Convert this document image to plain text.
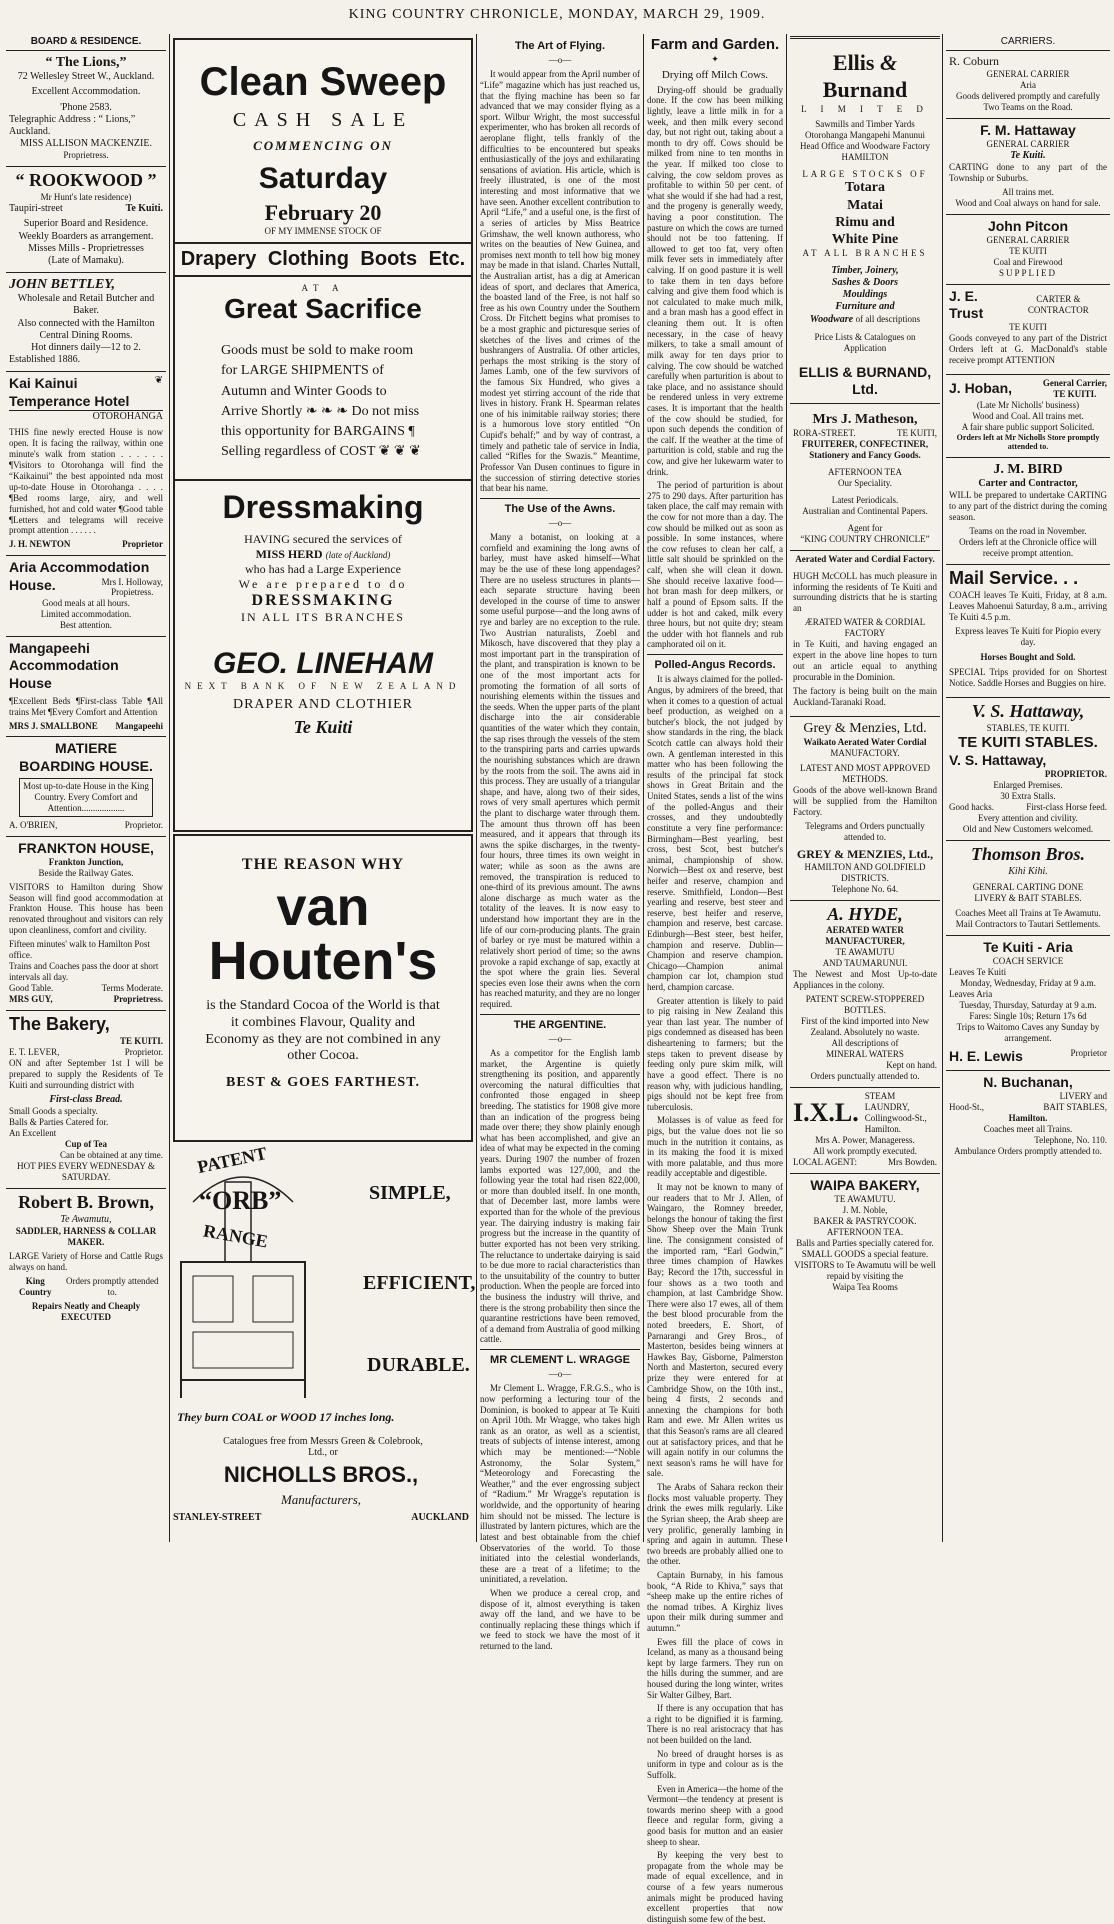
KING COUNTRY CHRONICLE, MONDAY, MARCH 29, 1909.
BOARD & RESIDENCE.
“ The Lions,”
72 Wellesley Street W., Auckland.
Excellent Accommodation.
'Phone 2583.
Telegraphic Address : “ Lions,” Auckland.
MISS ALLISON MACKENZIE.
Proprietress.
“ ROOKWOOD ”
Mr Hunt's late residence)
Taupiri-street	Te Kuiti.
Superior Board and Residence.
Weekly Boarders as arrangement.
Misses Mills - Proprietresses
(Late of Mamaku).
JOHN BETTLEY,
Wholesale and Retail Butcher and Baker.
Also connected with the Hamilton Central Dining Rooms.
Hot dinners daily—12 to 2.
Established 1886.
Kai Kainui	❦
Temperance Hotel
OTOROHANGA

THIS fine newly erected House is now open. It is facing the railway, within one minute's walk from station . . . . . . ¶Visitors to Otorohanga will find the “Kaikainui” the best appointed nda most up-to-date House in Otorohanga . . . . ¶Bed rooms large, airy, and well furnished, hot and cold water ¶Good table ¶Letters and telegrams will receive prompt attention . . . . . .

J. H. NEWTON	Proprietor
Aria Accommodation
House.	Mrs I. Holloway,
Propietress.
Good meals at all hours.
Limited accommodation.
Best attention.
Mangapeehi
Accommodation House

¶Excellent Beds ¶First-class Table ¶All trains Met ¶Every Comfort and Attention

MRS J. SMALLBONE Mangapeehi
MATIERE
BOARDING HOUSE.
Most up-to-date House in the King Country. Every Comfort and Attention...................
A. O'BRIEN,	Proprietor.
FRANKTON HOUSE,
Frankton Junction,
Beside the Railway Gates.

VISITORS to Hamilton during Show Season will find good accommodation at Frankton House. This house has been renovated throughout and visitors can rely upon cleanliness, comfort and civility.

Fifteen minutes' walk to Hamilton Post office.
Trains and Coaches pass the door at short intervals all day.
Good Table.	Terms Moderate.
MRS GUY,	Proprietress.
The Bakery,
TE KUITI.
E. T. LEVER,	Proprietor.

ON and after September 1st I will be prepared to supply the Residents of Te Kuiti and surrounding district with

First-class Bread.
Small Goods a specialty.
Balls & Parties Catered for.
An Excellent
Cup of Tea
Can be obtained at any time.
HOT PIES EVERY WEDNESDAY & SATURDAY.
Robert B. Brown,
Te Awamutu,
SADDLER, HARNESS & COLLAR MAKER.

LARGE Variety of Horse and Cattle Rugs always on hand.

King Country
Orders promptly attended to.
Repairs Neatly and Cheaply
EXECUTED
Clean Sweep
CASH SALE
COMMENCING ON
Saturday
February 20
OF MY IMMENSE STOCK OF
Drapery Clothing Boots Etc.
AT A
Great Sacrifice
Goods must be sold to make room for LARGE SHIPMENTS of Autumn and Winter Goods to Arrive Shortly ❧ ❧ ❧ Do not miss this opportunity for BARGAINS ¶ Selling regardless of COST ❦ ❦ ❦
Dressmaking
HAVING secured the services of
MISS HERD (late of Auckland)
who has had a Large Experience
We are prepared to do
DRESSMAKING
IN ALL ITS BRANCHES
GEO. LINEHAM
NEXT BANK OF NEW ZEALAND
DRAPER AND CLOTHIER
Te Kuiti
THE REASON WHY
van
Houten's
is the Standard Cocoa of the World is that it combines Flavour, Quality and Economy as they are not combined in any other Cocoa.
BEST & GOES FARTHEST.
PATENT
“ORB”
RANGE
SIMPLE,
EFFICIENT,
DURABLE.
They burn COAL or WOOD 17 inches long.
Catalogues free from Messrs Green & Colebrook, Ltd., or
NICHOLLS BROS.,
Manufacturers,
STANLEY-STREET	AUCKLAND
The Art of Flying.
—o—

It would appear from the April number of “Life” magazine which has just reached us, that the flying machine has been so far advanced that we may consider flying as a sport. Wilbur Wright, the most successful experimenter, who has broken all records of aeroplane flight, tells frankly of the difficulties to be encountered but speaks enthusiastically of the joys and exhilarating sensations of aviation. His article, which is freely illustrated, is one of the most interesting and most informative that we have seen. Another excellent contribution to April “Life,” and a useful one, is the first of a series of articles by Miss Beatrice Grimshaw, the well known authoress, who writes on the beauties of New Guinea, and promises next month to tell how big money may be made in that island. Charles Nuttall, the Australian artist, has a dig at American ideas of sport, and declares that America, the boasted land of the Free, is not half so free as his own Country under the Southern Cross. Dr Fitchett begins what promises to be a most graphic and picturesque series of sketches of the lives and crimes of the bushrangers of Australia. Of other articles, perhaps the most striking is the story of James Lamb, one of the few survivors of the famous Six Hundred, who gives a modest yet stirring account of the ride that lives in history. Frank H. Spearman relates one of his inimitable railway stories; there is a humorous love story entitled “On Cupid's behalf;” and by way of contrast, a timely and pathetic tale of service in India, called “Rifles for the Swazis.” Meantime, Professor Van Dusen continues to figure in the succession of stirring detective stories that bear his name.

The Use of the Awns.
—o—

Many a botanist, on looking at a cornfield and examining the long awns of barley, must have asked himself—What may be the use of these long appendages? There are no useless structures in plants—each separate structure having been developed in the course of time to answer some useful purpose—and the long awns of rye and barley are no exception to the rule. Two Austrian naturalists, Zoebl and Mikosch, have discovered that they play a most important part in the transpiration of the plant, and transpiration is known to be one of the most important acts for promoting the formation of all sorts of nourishing elements within the tissues and the seeds. When the upper parts of the plant discharge into the air considerable quantities of the water which they contain, the sap rises through the vessels of the stem to the transpiring parts and carries upwards the nourishing substances which are drawn by the roots from the soil. The awns aid in this process. They are usually of a triangular shape, and have, along two of their sides, rows of very small apertures which permit the plant to discharge water through them. The amount thus thrown off has been measured, and it appears that through its awns the spike discharges, in the twenty-four hours, three times its own weight in water; while as soon as the awns are removed, the transpiration is reduced to one-third of its previous amount. The awns alone discharge as much water as the totality of the leaves. It is now easy to understand how important they are in the life of our corn-producing plants. The grain of barley or rye must be matured within a relatively short period of time; so the awns provoke a rapid exchange of sap, exactly at the spot where the grain lies. Several species even lose their awns when the corn has reached maturity, and they are no longer required.

THE ARGENTINE.
—o—

As a competitor for the English lamb market, the Argentine is quietly strengthening its position, and apparently overcoming the natural difficulties that confronted those engaged in sheep breeding. The statistics for 1908 give more than an indication of the progress being made over there; they show plainly enough what has been accomplished, and give an idea of what may be expected in the coming years. During 1907 the number of frozen lambs exported was 127,000, and the following year the total had risen 822,000, or more than doubled itself. In one month, that of December last, more lambs were exported than for the whole of the previous year. The dairying industry is making fair progress but the increase in the quantity of butter exported has not been very striking. The reluctance to undertake dairying is said to be due more to racial characteristics than to the unsuitability of the country to butter production. When the people are forced into the business the industry will thrive, and there is the strong probability then since the quarantine restrictions have been removed, of a demand from Australia of good milking cattle.

MR CLEMENT L. WRAGGE
—o—

Mr Clement L. Wragge, F.R.G.S., who is now performing a lecturing tour of the Dominion, is booked to appear at Te Kuiti on April 10th. Mr Wragge, who takes high rank as an orator, as well as a scientist, treats of subjects of intense interest, among which may be mentioned:—“Noble Astronomy, the Solar System,” “Meteorology and Forecasting the Weather,” and the ever engrossing subject of “Radium.” Mr Wragge's reputation is worldwide, and the opportunity of hearing him should not be missed. The lecture is illustrated by lantern pictures, which are the latest and best obtainable from the chief Observatories of the world. To those initiated into the celestial wonderlands, these are a treat of a lifetime; to the uninitiated, a revelation.

When we produce a cereal crop, and dispose of it, almost everything is taken away off the land, and we have to be continually replacing these things which if we feed to stock we have the most of it returned to the land.

Farm and Garden.
✦
Drying off Milch Cows.

Drying-off should be gradually done. If the cow has been milking lightly, leave a little milk in for a week, and then milk every second day, but not right out, taking about a month to dry off. Cows should be milked from nine to ten months in the year. If milked too close to calving, the cow seldom proves as profitable to within 50 per cent. of what she would if she had had a rest, and the progeny is generally weedy, having a poor constitution. The pasture on which the cows are turned should not be too fattening. If allowed to get too fat, very often milk fever sets in immediately after calving. If on good pasture it is well to take them in ten days before calving and give them food which is not calculated to make much milk, and a bran mash has a good effect in cleaning them out. It is often necessary, in the case of heavy milkers, to take a small amount of milk away for ten days prior to calving. The cow should be watched carefully when parturition is about to take place, and no assistance should be rendered unless in very extreme cases. It is important that the health of the cow should be studied, for upon such depends the condition of the calf. If the weather at the time of parturition is cold, stable and rug the cow, and give her lukewarm water to drink.

The period of parturition is about 275 to 290 days. After parturition has taken place, the calf may remain with the cow for not more than a day. The cow should be milked out as soon as possible. In some instances, where the cow refuses to clean her calf, a little salt should be sprinkled on the calf, when she will clean it down. She should receive laxative food—hot bran mash for deep milkers, or half a pound of Epsom salts. If the udder is hot and caked, milk every three hours, but not quite dry; steam the udder with hot flannels and rub camphorated oil on it.

Polled-Angus Records.

It is always claimed for the polled-Angus, by admirers of the breed, that when it comes to a question of actual beef production, as weighed on a butcher's block, the not judged by show standards in the ring, the black Scotch cattle can always hold their own. A gentleman interested in this matter who has been following the results of the principal fat stock shows in Great Britain and the United States, sends a list of the wins of the polled-Angus and their crosses, and they undoubtedly constitute a very fine performance: Birmingham—Best yearling, best cross, best Scot, best butcher's animal, championship of show. Norwich—Best ox and reserve, best heifer and reserve, champion and reserve. Smithfield, London—Best yearling and reserve, best steer and reserve, best heifer and reserve, champion and reserve, best carcase. Edinburgh—Best steer, best heifer, champion and reserve. Dublin—Champion and reserve champion. Chicago—Champion animal champion car lot, champion stud herd, champion carcase.

Greater attention is likely to paid to pig raising in New Zealand this year than last year. The number of pigs condemned as diseased has been disheartening to farmers; but the steps taken to prevent disease by feeding only pure skim milk, will have a good effect. There is no reason why, with judicious handling, pigs should not be kept free from tuberculosis.

Molasses is of value as feed for pigs, but the value does not lie so much in the nutrition it contains, as in its making the food it is mixed with more palatable, and thus more readily acceptable and digestible.

It may not be known to many of our readers that to Mr J. Allen, of Waingaro, the Romney breeder, belongs the honour of taking the first Show Sheep over the Main Trunk line. The consignment consisted of the imported ram, “Earl Godwin,” three times champion of Hawkes Bay; Record the 17th, successful in four shows as a two tooth and champion, at last Cambridge Show. There were also 17 ewes, all of them the best blood procurable from the noted breeders, E. Short, of Parnarangi and Grey Bros., of Masterton, besides being winners at Hawkes Bay, Gisborne, Palmerston North and Masterton, secured every prize they were entered for at Cambridge Show, on the 10th inst., being 4 firsts, 2 seconds and annexing the champions for both Ram and ewe. Mr Allen writes us that this Season's rams are all cleared out at satisfactory prices, and that he will again notify in our columns the next season's rams he will have for sale.

The Arabs of Sahara reckon their flocks most valuable property. They drink the ewes milk regularly. Like the Syrian sheep, the Arab sheep are very prolific, generally lambing in spring and again in autumn. These two breeds are probably allied one to the other.

Captain Burnaby, in his famous book, “A Ride to Khiva,” says that “sheep make up the entire riches of the nomad tribes. A Kirghiz lives upon their milk during summer and autumn.”

Ewes fill the place of cows in Iceland, as many as a thousand being kept by large farmers. They run on the hills during the summer, and are housed during the long winter, writes Sir Walter Gilbey, Bart.

If there is any occupation that has a right to be dignified it is farming. There is no real aristocracy that has not been builded on the land.

No breed of draught horses is as uniform in type and colour as is the Suffolk.

Even in America—the home of the Vermont—the tendency at present is towards merino sheep with a good fleece and regular form, giving a good basis for mutton and an easier sheep to shear.

By keeping the very best to propagate from the whole may be made of equal excellence, and in course of a few years numerous animals might be produced having excellent properties that now distinguish some few of the best.

Ellis & Burnand
L I M I T E D
Sawmills and Timber Yards
Otorohanga Mangapehi Manunui
Head Office and Woodware Factory
HAMILTON
LARGE STOCKS OF
Totara
Matai
Rimu and
White Pine
AT ALL BRANCHES
Timber, Joinery,
Sashes & Doors
Mouldings
Furniture and
Woodware of all descriptions
Price Lists & Catalogues on Application
ELLIS & BURNAND, Ltd.
Mrs J. Matheson,
RORA-STREET.	TE KUITI,
FRUITERER, CONFECTINER,
Stationery and Fancy Goods.
AFTERNOON TEA
Our Speciality.
Latest Periodicals.
Australian and Continental Papers.
Agent for
“KING COUNTRY CHRONICLE”
Aerated Water and Cordial Factory.

HUGH McCOLL has much pleasure in informing the residents of Te Kuiti and surrounding districts that he is starting an

ÆRATED WATER & CORDIAL FACTORY

in Te Kuiti, and having engaged an expert in the above line hopes to turn out an article equal to anything procurable in the Dominion.

The factory is being built on the main Auckland-Taranaki Road.

Grey & Menzies, Ltd.
Waikato Aerated Water Cordial
MANUFACTORY.
LATEST AND MOST APPROVED METHODS.

Goods of the above well-known Brand will be supplied from the Hamilton Factory.

Telegrams and Orders punctually attended to.
GREY & MENZIES, Ltd.,
HAMILTON AND GOLDFIELD DISTRICTS.
Telephone No. 64.
A. HYDE,
AERATED WATER MANUFACTURER,
TE AWAMUTU
AND TAUMARUNUI.

The Newest and Most Up-to-date Appliances in the colony.

PATENT SCREW-STOPPERED BOTTLES.
First of the kind imported into New Zealand. Absolutely no waste.
All descriptions of
MINERAL WATERS
Kept on hand.
Orders punctually attended to.
I.X.L.
STEAM LAUNDRY,
Collingwood-St., Hamilton.
Mrs A. Power, Manageress.
All work promptly executed.
LOCAL AGENT:	Mrs Bowden.
WAIPA BAKERY,
TE AWAMUTU.
J. M. Noble,
BAKER & PASTRYCOOK.
AFTERNOON TEA.
Balls and Parties specially catered for.
SMALL GOODS a special feature.
VISITORS to Te Awamutu will be well repaid by visiting the
Waipa Tea Rooms
CARRIERS.
R. Coburn
GENERAL CARRIER
Aria
Goods delivered promptly and carefully
Two Teams on the Road.
F. M. Hattaway
GENERAL CARRIER
Te Kuiti.

CARTING done to any part of the Township or Suburbs.

All trains met.
Wood and Coal always on hand for sale.
John Pitcon
GENERAL CARRIER
TE KUITI
Coal and Firewood
SUPPLIED
J. E. Trust
CARTER & CONTRACTOR
TE KUITI

Goods conveyed to any part of the District Orders left at G. MacDonald's stable receive prompt ATTENTION

J. Hoban,	General Carrier,
TE KUITI.
(Late Mr Nicholls' business)
Wood and Coal. All trains met.
A fair share public support Solicited.
Orders left at Mr Nicholls Store promptly attended to.
J. M. BIRD
Carter and Contractor,

WILL be prepared to undertake CARTING to any part of the district during the coming season.

Teams on the road in November.
Orders left at the Chronicle office will receive prompt attention.
Mail Service. . .

COACH leaves Te Kuiti, Friday, at 8 a.m. Leaves Mahoenui Saturday, 8 a.m., arriving Te Kuiti 4.5 p.m.

Express leaves Te Kuiti for Piopio every day.
Horses Bought and Sold.

SPECIAL Trips provided for on Shortest Notice. Saddle Horses and Buggies on hire.

V. S. Hattaway,
STABLES, TE KUITI.
TE KUITI STABLES.
V. S. Hattaway,
PROPRIETOR.
Enlarged Premises.
30 Extra Stalls.
Good hacks.	First-class Horse feed.
Every attention and civility.
Old and New Customers welcomed.
Thomson Bros.
Kihi Kihi.
GENERAL CARTING DONE
LIVERY & BAIT STABLES.
Coaches Meet all Trains at Te Awamutu.
Mail Contractors to Tautari Settlements.
Te Kuiti - Aria
COACH SERVICE
Leaves Te Kuiti
Monday, Wednesday, Friday at 9 a.m.
Leaves Aria
Tuesday, Thursday, Saturday at 9 a.m.
Fares: Single 10s; Return 17s 6d
Trips to Waitomo Caves any Sunday by arrangement.
H. E. Lewis	Proprietor
N. Buchanan,
LIVERY and
Hood-St.,	BAIT STABLES,
Hamilton.
Coaches meet all Trains.
Telephone, No. 110.
Ambulance Orders promptly attended to.
